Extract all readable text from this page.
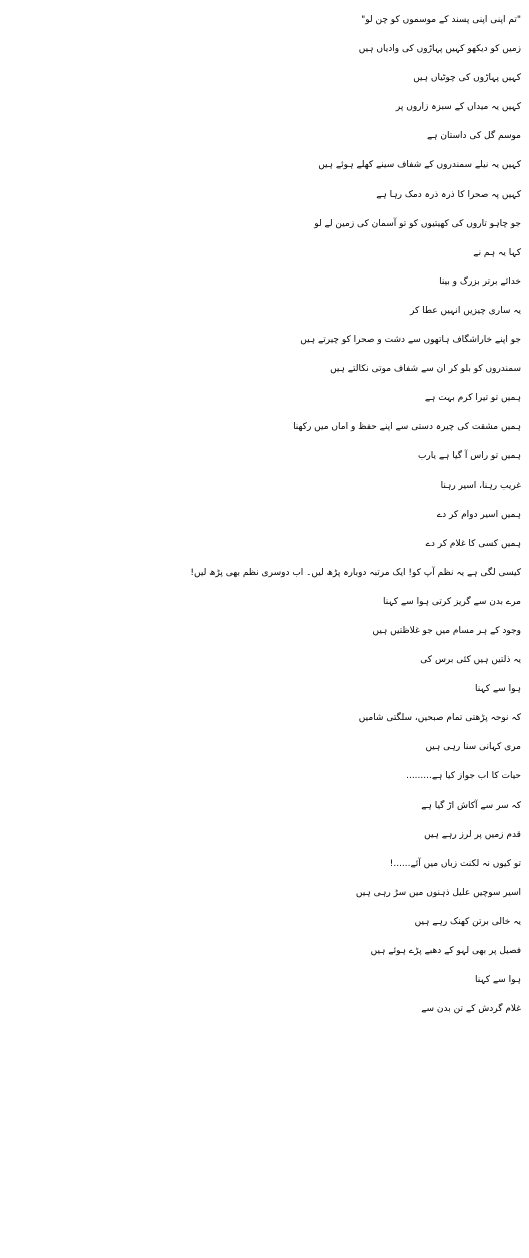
"تم اپنی اپنی پسند کے موسموں کو چن لو"
زمیں کو دیکھو کہیں پہاڑوں کی وادیاں ہیں
کہیں پہاڑوں کی چوٹیاں ہیں
کہیں یہ میداں کے سبزہ زاروں پر
موسم گل کی داستان ہے
کہیں یہ نیلے سمندروں کے شفاف سینے کھلے ہوئے ہیں
کہیں پہ صحرا کا ذرہ ذرہ دمک رہا ہے
جو چاہو تاروں کی کھیتیوں کو تو آسمان کی زمین لے لو
کہا یہ ہم نے
خدائے برتر بزرگ و بینا
یہ ساری چیزیں انہیں عطا کر
جو اپنے خاراشگاف ہاتھوں سے دشت و صحرا کو چیرتے ہیں
سمندروں کو بلو کر ان سے شفاف موتی نکالتے ہیں
ہمیں تو تیرا کرم بہت ہے
ہمیں مشقت کی چیرہ دستی سے اپنے حفظ و اماں میں رکھنا
ہمیں تو راس آ گیا ہے یارب
غریب رہنا، اسیر رہنا
ہمیں اسیر دوام کر دے
ہمیں کسی کا غلام کر دے
کیسی لگی ہے یہ نظم آپ کو! ایک مرتبہ دوبارہ پڑھ لیں۔ اب دوسری نظم بھی پڑھ لیں!
مرے بدن سے گریز کرتی ہوا سے کہنا
وجود کے ہر مسام میں جو غلاظتیں ہیں
یہ ذلتیں ہیں کئی برس کی
ہوا سے کہنا
کہ نوحہ پڑھتی تمام صبحیں، سلگتی شامیں
مری کہانی سنا رہی ہیں
حیات کا اب جواز کیا ہے.........
کہ سر سے آکاش اڑ گیا ہے
قدم زمیں پر لرز رہے ہیں
تو کیوں نہ لکنت زباں میں آئے......!
اسیر سوچیں علیل ذہنوں میں سڑ رہی ہیں
یہ خالی برتن کھنک رہے ہیں
فصیل پر بھی لہو کے دھبے پڑے ہوئے ہیں
ہوا سے کہنا
غلام گردش کے تن بدن سے
